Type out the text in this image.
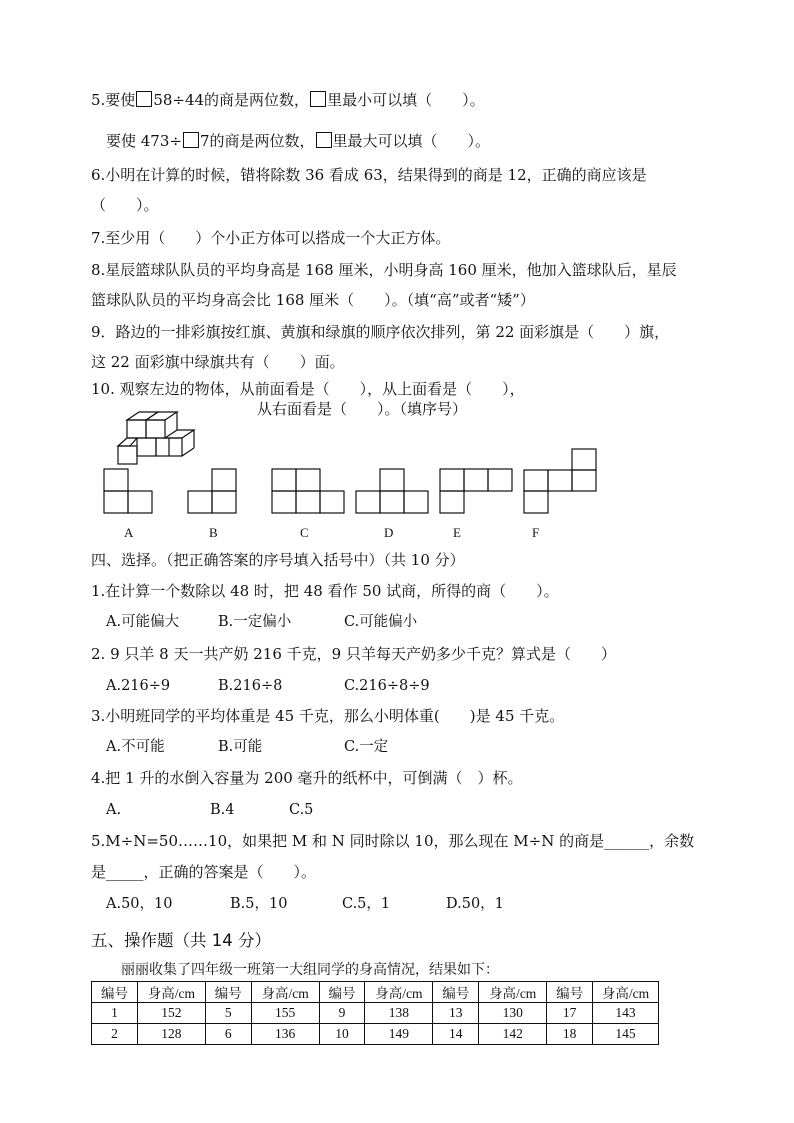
5.要使 58÷44的商是两位数， 里最小可以填（　　）。
要使 473÷ 7的商是两位数， 里最大可以填（　　）。
6.小明在计算的时候，错将除数 36 看成 63，结果得到的商是 12，正确的商应该是
（　　）。
7.至少用（　　）个小正方体可以搭成一个大正方体。
8.星辰篮球队队员的平均身高是 168 厘米，小明身高 160 厘米，他加入篮球队后，星辰
篮球队队员的平均身高会比 168 厘米（　　）。（填“高”或者“矮”）
9．路边的一排彩旗按红旗、黄旗和绿旗的顺序依次排列，第 22 面彩旗是（　　）旗，
这 22 面彩旗中绿旗共有（　　）面。
10. 观察左边的物体，从前面看是（　　），从上面看是（　　），
从右面看是（　　）。（填序号）
A	B	C	D	E	F
四、选择。（把正确答案的序号填入括号中）（共 10 分）
1.在计算一个数除以 48 时，把 48 看作 50 试商，所得的商（　　）。
A.可能偏大	B.一定偏小	C.可能偏小
2. 9 只羊 8 天一共产奶 216 千克，9 只羊每天产奶多少千克？算式是（　　）
A.216÷9	B.216÷8	C.216÷8÷9
3.小明班同学的平均体重是 45 千克，那么小明体重(　　)是 45 千克。
A.不可能	B.可能	C.一定
4.把 1 升的水倒入容量为 200 毫升的纸杯中，可倒满（　）杯。
A.	B.4	C.5
5.M÷N=50……10，如果把 M 和 N 同时除以 10，那么现在 M÷N 的商是______，余数
是_____，正确的答案是（　　）。
A.50，10	B.5，10	C.5，1	D.50，1
五、操作题（共 14 分）
丽丽收集了四年级一班第一大组同学的身高情况，结果如下：
编号	身高/cm	编号	身高/cm	编号	身高/cm	编号	身高/cm	编号	身高/cm
1	152	5	155	9	138	13	130	17	143
2	128	6	136	10	149	14	142	18	145
